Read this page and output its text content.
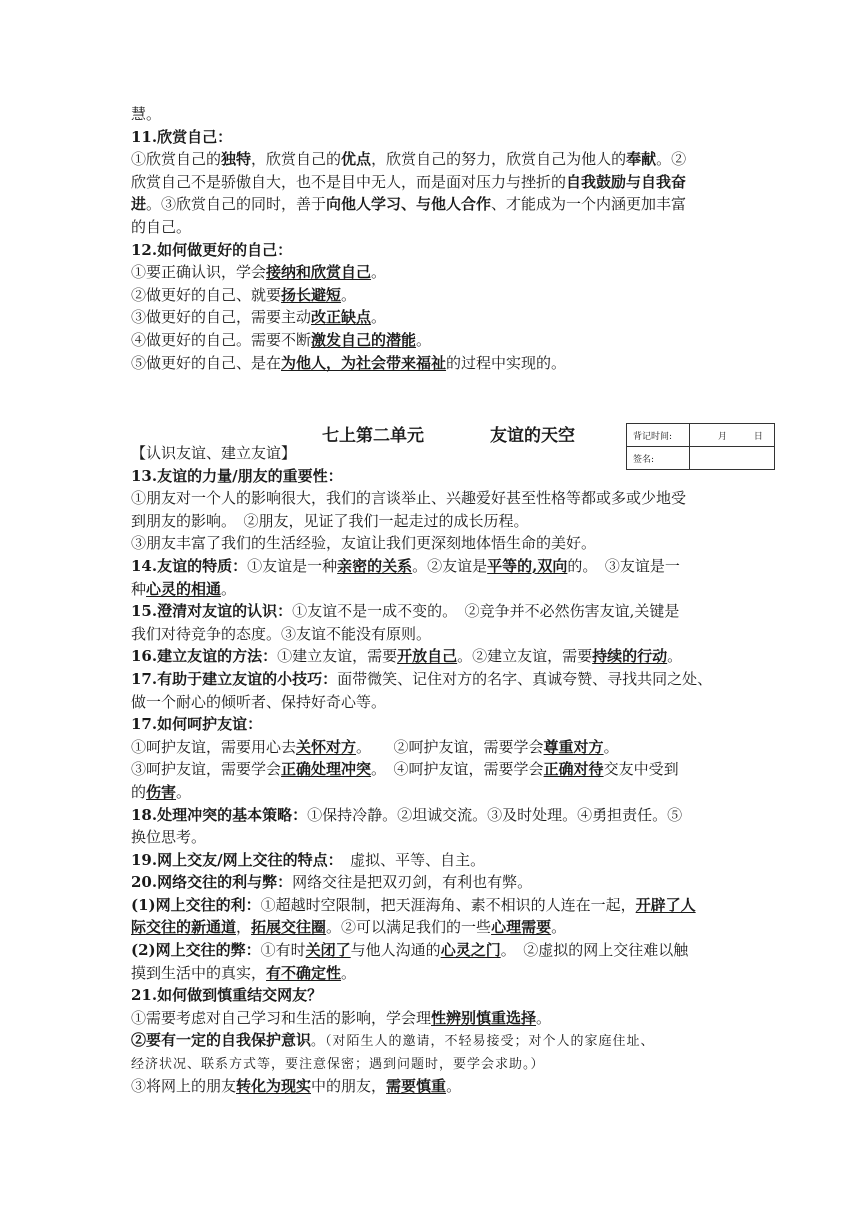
慧。
11.欣赏自己：
①欣赏自己的独特，欣赏自己的优点，欣赏自己的努力，欣赏自己为他人的奉献。②
欣赏自己不是骄傲自大，也不是目中无人，而是面对压力与挫折的自我鼓励与自我奋
进。③欣赏自己的同时，善于向他人学习、与他人合作、才能成为一个内涵更加丰富
的自己。
12.如何做更好的自己：
①要正确认识，学会接纳和欣赏自己。
②做更好的自己、就要扬长避短。
③做更好的自己，需要主动改正缺点。
④做更好的自己。需要不断激发自己的潜能。
⑤做更好的自己、是在为他人，为社会带来福祉的过程中实现的。
七上第二单元	友谊的天空	背记时间:	月 日
签名:	
【认识友谊、建立友谊】
13.友谊的力量/朋友的重要性：
①朋友对一个人的影响很大，我们的言谈举止、兴趣爱好甚至性格等都或多或少地受
到朋友的影响。　②朋友，见证了我们一起走过的成长历程。
③朋友丰富了我们的生活经验，友谊让我们更深刻地体悟生命的美好。
14.友谊的特质：①友谊是一种亲密的关系。②友谊是平等的,双向的。　③友谊是一
种心灵的相通。
15.澄清对友谊的认识：①友谊不是一成不变的。　②竞争并不必然伤害友谊,关键是
我们对待竞争的态度。③友谊不能没有原则。
16.建立友谊的方法：①建立友谊，需要开放自己。②建立友谊，需要持续的行动。
17.有助于建立友谊的小技巧：面带微笑、记住对方的名字、真诚夸赞、寻找共同之处、
做一个耐心的倾听者、保持好奇心等。
17.如何呵护友谊：
①呵护友谊，需要用心去关怀对方。　　②呵护友谊，需要学会尊重对方。
③呵护友谊，需要学会正确处理冲突。　④呵护友谊，需要学会正确对待交友中受到
的伤害。
18.处理冲突的基本策略：①保持冷静。②坦诚交流。③及时处理。④勇担责任。⑤
换位思考。
19.网上交友/网上交往的特点：　虚拟、平等、自主。
20.网络交往的利与弊：网络交往是把双刃剑，有利也有弊。
(1)网上交往的利：①超越时空限制，把天涯海角、素不相识的人连在一起，开辟了人
际交往的新通道，拓展交往圈。②可以满足我们的一些心理需要。
(2)网上交往的弊：①有时关闭了与他人沟通的心灵之门。　②虚拟的网上交往难以触
摸到生活中的真实，有不确定性。
21.如何做到慎重结交网友？
①需要考虑对自己学习和生活的影响，学会理性辨别慎重选择。
②要有一定的自我保护意识。（对陌生人的邀请，不轻易接受；对个人的家庭住址、
经济状况、联系方式等，要注意保密；遇到问题时，要学会求助。）
③将网上的朋友转化为现实中的朋友，需要慎重。
